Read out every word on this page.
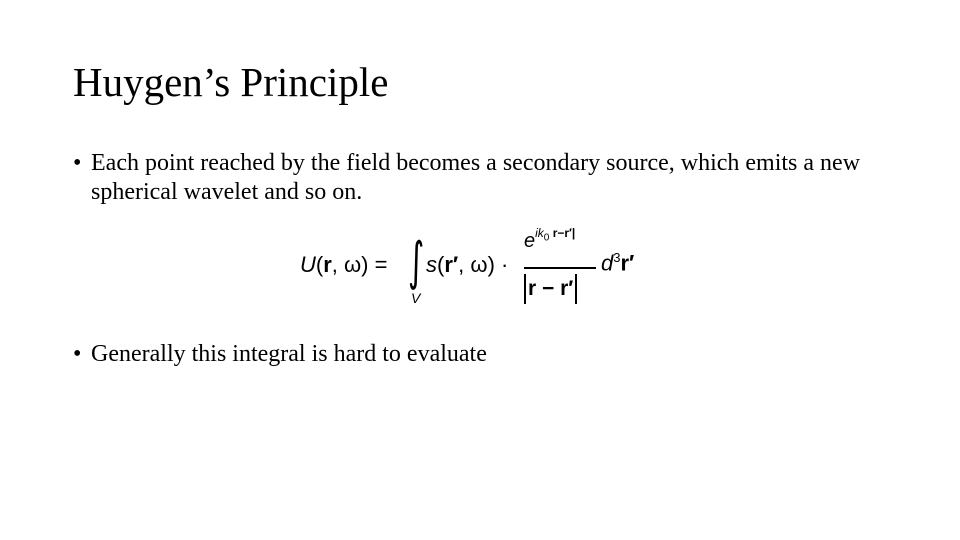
Huygen’s Principle
• Each point reached by the field becomes a secondary source, which emits a new spherical wavelet and so on.
U(r, ω) = ∫
V
s(r′, ω) ·
$e^{ik_0 r-r'|}$
r − r′
$d^3r'$
• Generally this integral is hard to evaluate
